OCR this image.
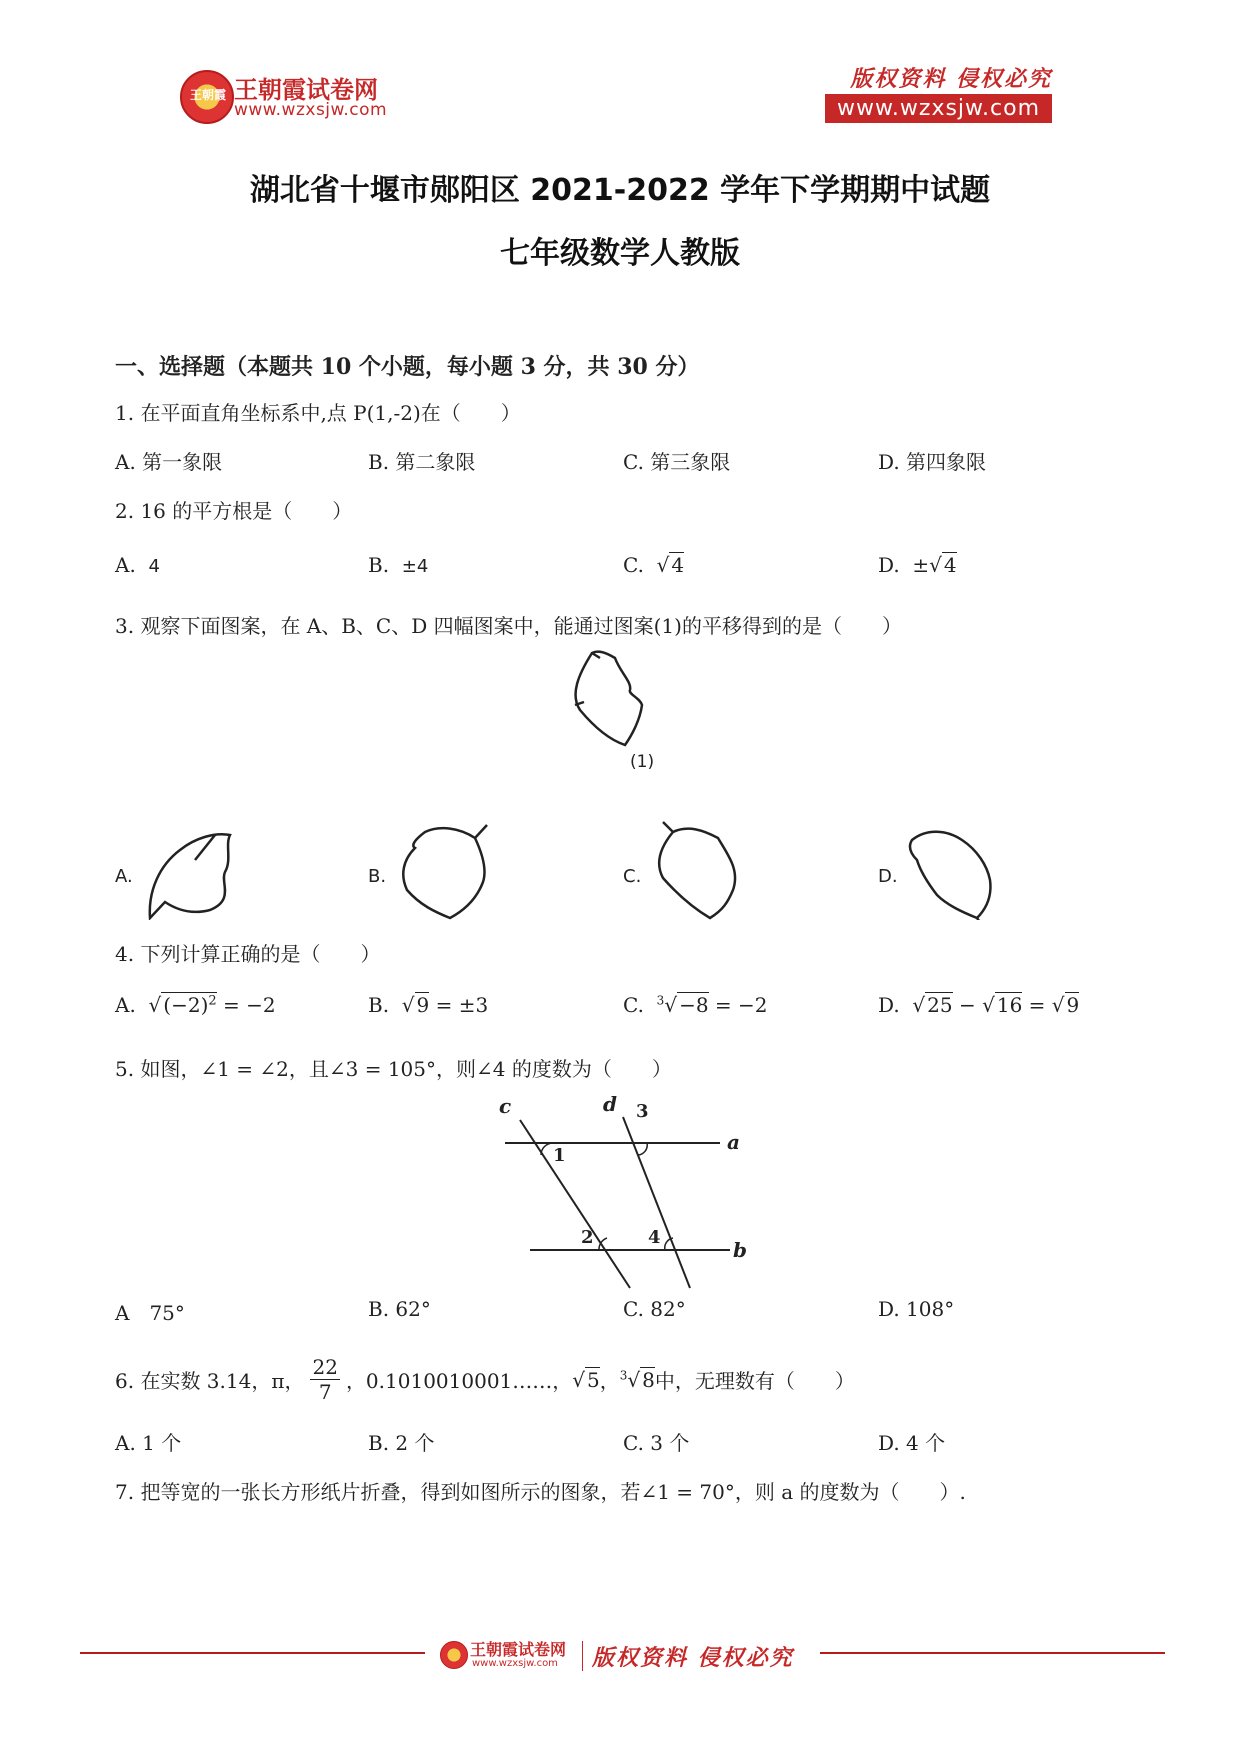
王朝霞 王朝霞试卷网
www.wzxsjw.com
版权资料 侵权必究
www.wzxsjw.com
湖北省十堰市郧阳区 2021-2022 学年下学期期中试题
七年级数学人教版
一、选择题（本题共 10 个小题，每小题 3 分，共 30 分）
1. 在平面直角坐标系中,点 P(1,-2)在（　　）
A. 第一象限	B. 第二象限	C. 第三象限	D. 第四象限
2. 16 的平方根是（　　）
A. 4	B. ±4	C.  √ 4	D. ±√ 4
3. 观察下面图案，在 A、B、C、D 四幅图案中，能通过图案(1)的平移得到的是（　　）
(1)
A.	B.	C.	D.
4. 下列计算正确的是（　　）
A.  √ $(-2)^2 = -2$	B.  √ 9 = ±3	C. $^3$√ −8 = −2	D.  √ 25 − √ 16 = √ 9
5. 如图，∠1 = ∠2，且∠3 = 105°，则∠4 的度数为（　　）
c	d 3
a
1
2	4
b
A　75°	B. 62°	C. 82°	D. 108°
6. 在实数 3.14，π，
22
7 ，0.1010010001……， √ 5 ， $^3$√ 8 中，无理数有（　　）
A. 1 个	B. 2 个	C. 3 个	D. 4 个
7. 把等宽的一张长方形纸片折叠，得到如图所示的图象，若∠1 = 70°，则 a 的度数为（　　）.
王朝霞试卷网
www.wzxsjw.com 版权资料 侵权必究
